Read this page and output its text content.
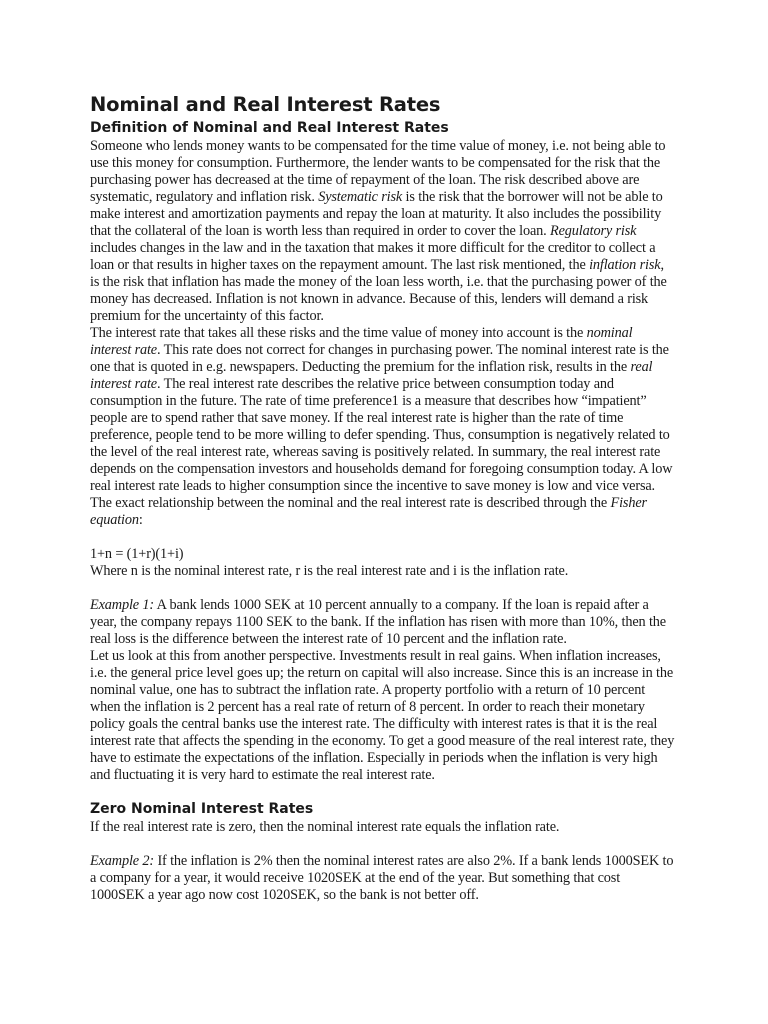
Nominal and Real Interest Rates
Definition of Nominal and Real Interest Rates

Someone who lends money wants to be compensated for the time value of money, i.e. not being able to use this money for consumption. Furthermore, the lender wants to be compensated for the risk that the purchasing power has decreased at the time of repayment of the loan. The risk described above are systematic, regulatory and inflation risk. Systematic risk is the risk that the borrower will not be able to make interest and amortization payments and repay the loan at maturity. It also includes the possibility that the collateral of the loan is worth less than required in order to cover the loan. Regulatory risk includes changes in the law and in the taxation that makes it more difficult for the creditor to collect a loan or that results in higher taxes on the repayment amount. The last risk mentioned, the inflation risk, is the risk that inflation has made the money of the loan less worth, i.e. that the purchasing power of the money has decreased. Inflation is not known in advance. Because of this, lenders will demand a risk premium for the uncertainty of this factor.

The interest rate that takes all these risks and the time value of money into account is the nominal interest rate. This rate does not correct for changes in purchasing power. The nominal interest rate is the one that is quoted in e.g. newspapers. Deducting the premium for the inflation risk, results in the real interest rate. The real interest rate describes the relative price between consumption today and consumption in the future. The rate of time preference1 is a measure that describes how “impatient” people are to spend rather that save money. If the real interest rate is higher than the rate of time preference, people tend to be more willing to defer spending. Thus, consumption is negatively related to the level of the real interest rate, whereas saving is positively related. In summary, the real interest rate depends on the compensation investors and households demand for foregoing consumption today. A low real interest rate leads to higher consumption since the incentive to save money is low and vice versa.

The exact relationship between the nominal and the real interest rate is described through the Fisher equation:

1+n = (1+r)(1+i)

Where n is the nominal interest rate, r is the real interest rate and i is the inflation rate.

Example 1: A bank lends 1000 SEK at 10 percent annually to a company. If the loan is repaid after a year, the company repays 1100 SEK to the bank. If the inflation has risen with more than 10%, then the real loss is the difference between the interest rate of 10 percent and the inflation rate.

Let us look at this from another perspective. Investments result in real gains. When inflation increases, i.e. the general price level goes up; the return on capital will also increase. Since this is an increase in the nominal value, one has to subtract the inflation rate. A property portfolio with a return of 10 percent when the inflation is 2 percent has a real rate of return of 8 percent. In order to reach their monetary policy goals the central banks use the interest rate. The difficulty with interest rates is that it is the real interest rate that affects the spending in the economy. To get a good measure of the real interest rate, they have to estimate the expectations of the inflation. Especially in periods when the inflation is very high and fluctuating it is very hard to estimate the real interest rate.

Zero Nominal Interest Rates

If the real interest rate is zero, then the nominal interest rate equals the inflation rate.

Example 2: If the inflation is 2% then the nominal interest rates are also 2%. If a bank lends 1000SEK to a company for a year, it would receive 1020SEK at the end of the year. But something that cost 1000SEK a year ago now cost 1020SEK, so the bank is not better off.
